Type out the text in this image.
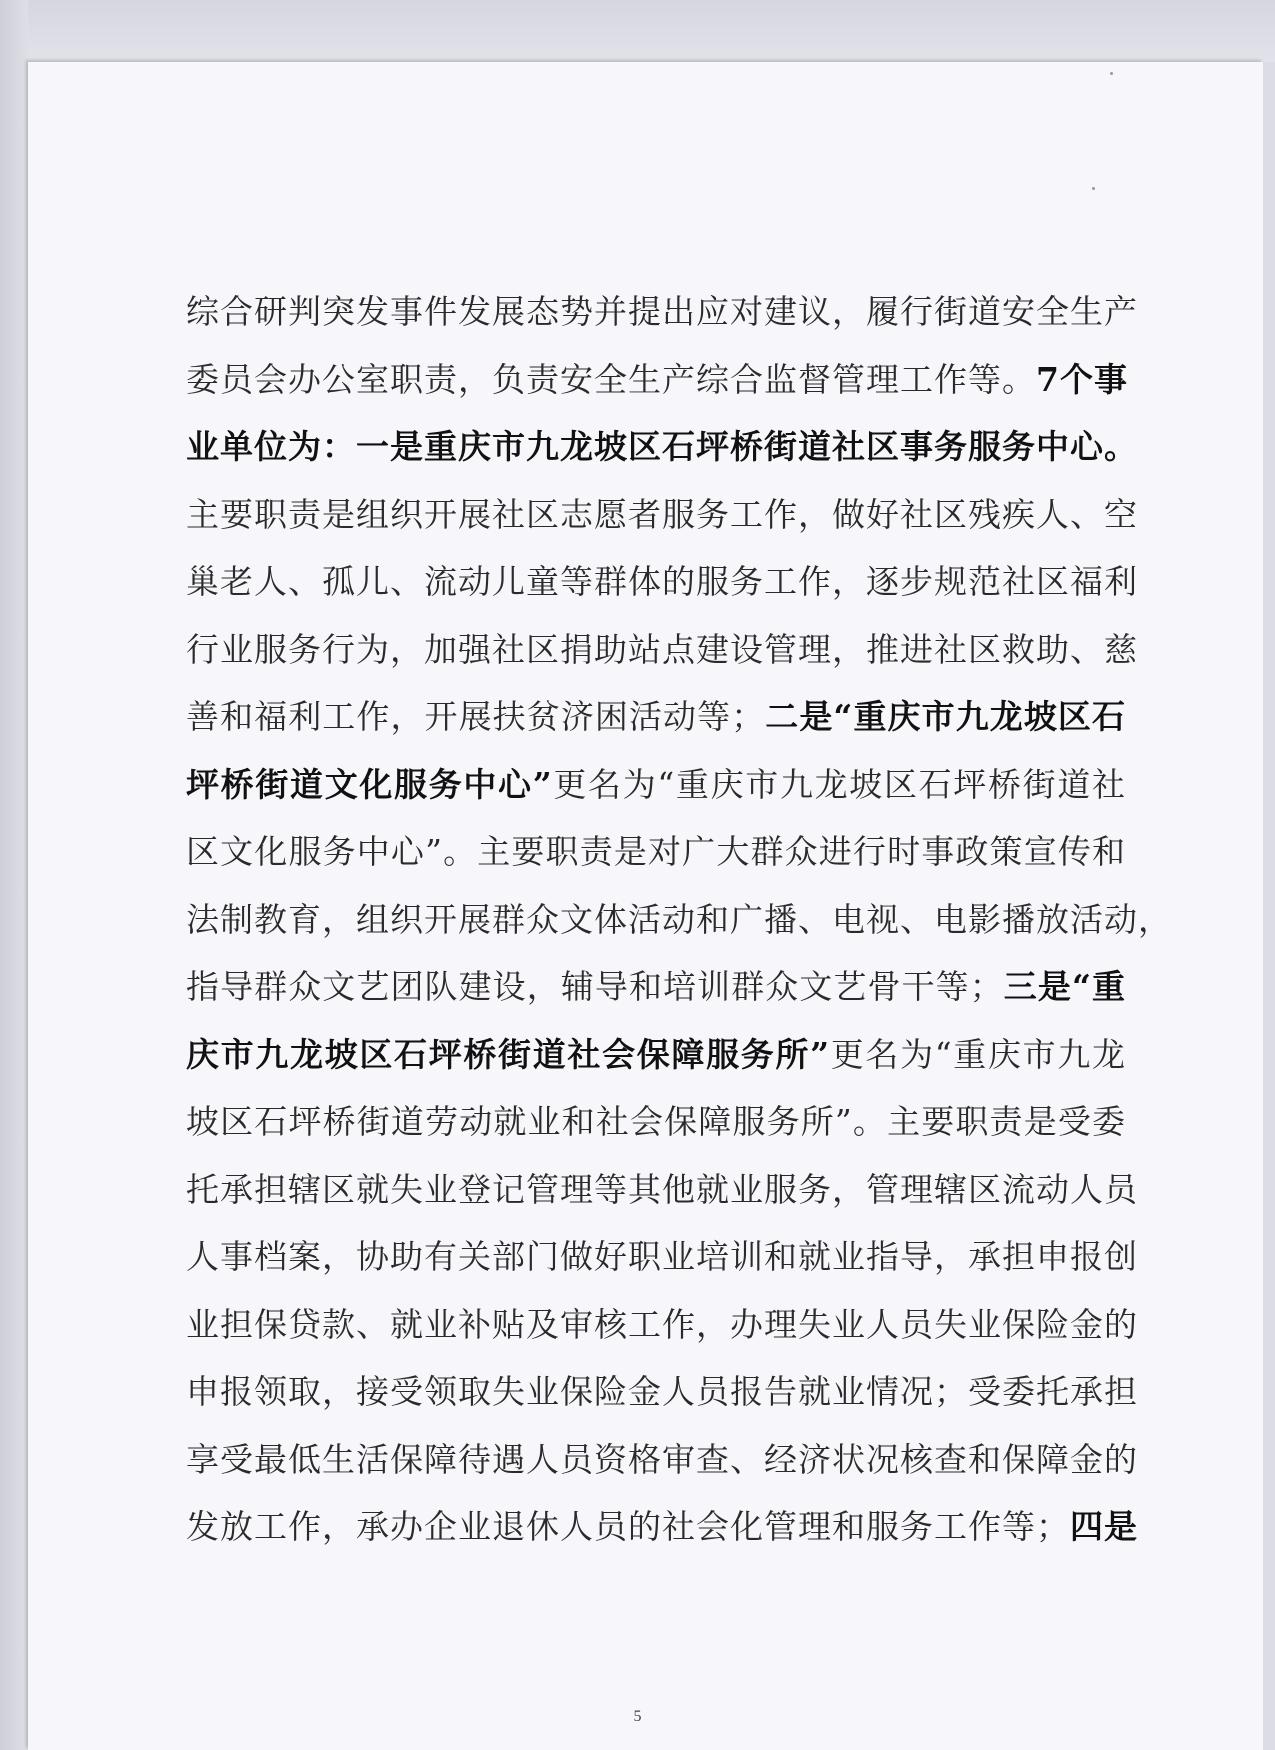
综合研判突发事件发展态势并提出应对建议，履行街道安全生产
委员会办公室职责，负责安全生产综合监督管理工作等。7个事
业单位为：一是重庆市九龙坡区石坪桥街道社区事务服务中心。
主要职责是组织开展社区志愿者服务工作，做好社区残疾人、空
巢老人、孤儿、流动儿童等群体的服务工作，逐步规范社区福利
行业服务行为，加强社区捐助站点建设管理，推进社区救助、慈
善和福利工作，开展扶贫济困活动等；二是“重庆市九龙坡区石
坪桥街道文化服务中心”更名为“重庆市九龙坡区石坪桥街道社
区文化服务中心”。主要职责是对广大群众进行时事政策宣传和
法制教育，组织开展群众文体活动和广播、电视、电影播放活动，
指导群众文艺团队建设，辅导和培训群众文艺骨干等；三是“重
庆市九龙坡区石坪桥街道社会保障服务所”更名为“重庆市九龙
坡区石坪桥街道劳动就业和社会保障服务所”。主要职责是受委
托承担辖区就失业登记管理等其他就业服务，管理辖区流动人员
人事档案，协助有关部门做好职业培训和就业指导，承担申报创
业担保贷款、就业补贴及审核工作，办理失业人员失业保险金的
申报领取，接受领取失业保险金人员报告就业情况；受委托承担
享受最低生活保障待遇人员资格审查、经济状况核查和保障金的
发放工作，承办企业退休人员的社会化管理和服务工作等；四是
5
